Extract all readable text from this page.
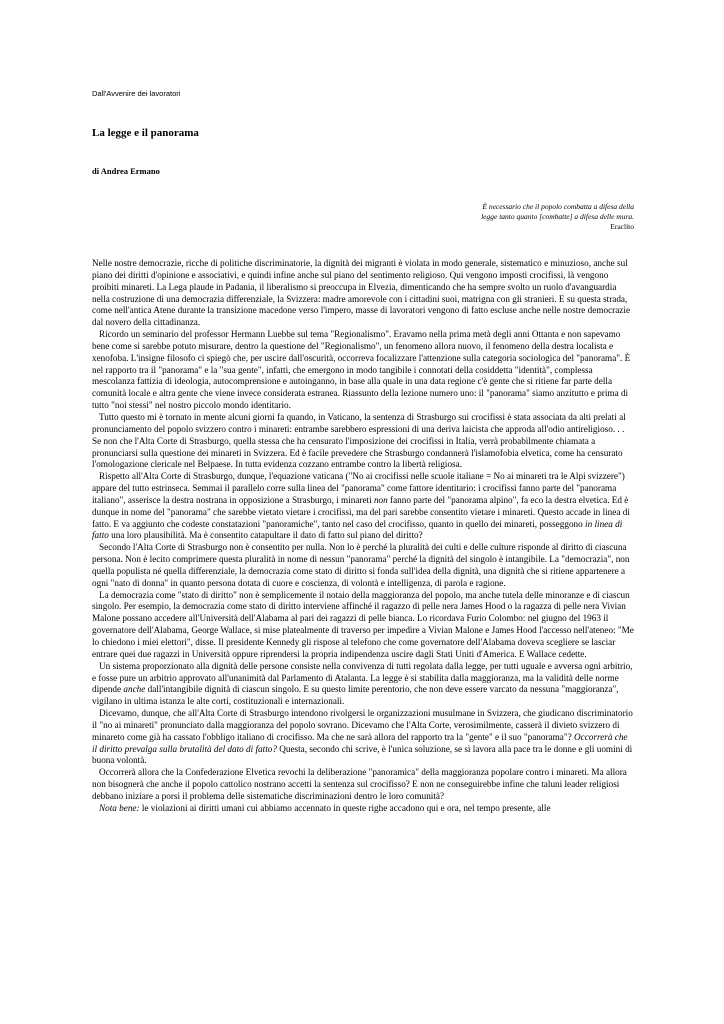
Dall'Avvenire dei lavoratori
La legge e il panorama
di Andrea Ermano
È necessario che il popolo combatta a difesa della
legge tanto quanto [combatte] a difesa delle mura.
Eraclito

Nelle nostre democrazie, ricche di politiche discriminatorie, la dignità dei migranti è violata in modo generale, sistematico e minuzioso, anche sul piano dei diritti d'opinione e associativi, e quindi infine anche sul piano del sentimento religioso. Qui vengono imposti crocifissi, là vengono proibiti minareti. La Lega plaude in Padania, il liberalismo si preoccupa in Elvezia, dimenticando che ha sempre svolto un ruolo d'avanguardia nella costruzione di una democrazia differenziale, la Svizzera: madre amorevole con i cittadini suoi, matrigna con gli stranieri. E su questa strada, come nell'antica Atene durante la transizione macedone verso l'impero, masse di lavoratori vengono di fatto escluse anche nelle nostre democrazie dal novero della cittadinanza.

Ricordo un seminario del professor Hermann Luebbe sul tema "Regionalismo". Eravamo nella prima metà degli anni Ottanta e non sapevamo bene come si sarebbe potuto misurare, dentro la questione del "Regionalismo", un fenomeno allora nuovo, il fenomeno della destra localista e xenofoba. L'insigne filosofo ci spiegò che, per uscire dall'oscurità, occorreva focalizzare l'attenzione sulla categoria sociologica del "panorama". È nel rapporto tra il "panorama" e la "sua gente", infatti, che emergono in modo tangibile i connotati della cosiddetta "identità", complessa mescolanza fattizia di ideologia, autocomprensione e autoinganno, in base alla quale in una data regione c'è gente che si ritiene far parte della comunità locale e altra gente che viene invece considerata estranea. Riassunto della lezione numero uno: il "panorama" siamo anzitutto e prima di tutto "noi stessi" nel nostro piccolo mondo identitario.

Tutto questo mi è tornato in mente alcuni giorni fa quando, in Vaticano, la sentenza di Strasburgo sui crocifissi è stata associata da alti prelati al pronunciamento del popolo svizzero contro i minareti: entrambe sarebbero espressioni di una deriva laicista che approda all'odio antireligioso. . . Se non che l'Alta Corte di Strasburgo, quella stessa che ha censurato l'imposizione dei crocifissi in Italia, verrà probabilmente chiamata a pronunciarsi sulla questione dei minareti in Svizzera. Ed è facile prevedere che Strasburgo condannerà l'islamofobia elvetica, come ha censurato l'omologazione clericale nel Belpaese. In tutta evidenza cozzano entrambe contro la libertà religiosa.

Rispetto all'Alta Corte di Strasburgo, dunque, l'equazione vaticana ("No ai crocifissi nelle scuole italiane = No ai minareti tra le Alpi svizzere") appare del tutto estrinseca. Semmai il parallelo corre sulla linea del "panorama" come fattore identitario: i crocifissi fanno parte del "panorama italiano", asserisce la destra nostrana in opposizione a Strasburgo, i minareti non fanno parte del "panorama alpino", fa eco la destra elvetica. Ed è dunque in nome del "panorama" che sarebbe vietato vietare i crocifissi, ma del pari sarebbe consentito vietare i minareti. Questo accade in linea di fatto. E va aggiunto che codeste constatazioni "panoramiche", tanto nel caso del crocifisso, quanto in quello dei minareti, posseggono in linea di fatto una loro plausibilità. Ma è consentito catapultare il dato di fatto sul piano del diritto?

Secondo l'Alta Corte di Strasburgo non è consentito per nulla. Non lo è perché la pluralità dei culti e delle culture risponde al diritto di ciascuna persona. Non è lecito comprimere questa pluralità in nome di nessun "panorama" perché la dignità del singolo è intangibile. La "democrazia", non quella populista né quella differenziale, la democrazia come stato di diritto si fonda sull'idea della dignità, una dignità che si ritiene appartenere a ogni "nato di donna" in quanto persona dotata di cuore e coscienza, di volontà e intelligenza, di parola e ragione.

La democrazia come "stato di diritto" non è semplicemente il notaio della maggioranza del popolo, ma anche tutela delle minoranze e di ciascun singolo. Per esempio, la democrazia come stato di diritto interviene affinché il ragazzo di pelle nera James Hood o la ragazza di pelle nera Vivian Malone possano accedere all'Università dell'Alabama al pari dei ragazzi di pelle bianca. Lo ricordava Furio Colombo: nel giugno del 1963 il governatore dell'Alabama, George Wallace, si mise platealmente di traverso per impedire a Vivian Malone e James Hood l'accesso nell'ateneo: "Me lo chiedono i miei elettori", disse. Il presidente Kennedy gli rispose al telefono che come governatore dell'Alabama doveva scegliere se lasciar entrare quei due ragazzi in Università oppure riprendersi la propria indipendenza uscire dagli Stati Uniti d'America. E Wallace cedette.

Un sistema proporzionato alla dignità delle persone consiste nella convivenza di tutti regolata dalla legge, per tutti uguale e avversa ogni arbitrio, e fosse pure un arbitrio approvato all'unanimità dal Parlamento di Atalanta. La legge è si stabilita dalla maggioranza, ma la validità delle norme dipende anche dall'intangibile dignità di ciascun singolo. E su questo limite perentorio, che non deve essere varcato da nessuna "maggioranza", vigilano in ultima istanza le alte corti, costituzionali e internazionali.

Dicevamo, dunque, che all'Alta Corte di Strasburgo intendono rivolgersi le organizzazioni musulmane in Svizzera, che giudicano discriminatorio il "no ai minareti" pronunciato dalla maggioranza del popolo sovrano. Dicevamo che l'Alta Corte, verosimilmente, casserà il divieto svizzero di minareto come già ha cassato l'obbligo italiano di crocifisso. Ma che ne sarà allora del rapporto tra la "gente" e il suo "panorama"? Occorrerà che il diritto prevalga sulla brutalità del dato di fatto? Questa, secondo chi scrive, è l'unica soluzione, se si lavora alla pace tra le donne e gli uomini di buona volontà.

Occorrerà allora che la Confederazione Elvetica revochi la deliberazione "panoramica" della maggioranza popolare contro i minareti. Ma allora non bisognerà che anche il popolo cattolico nostrano accetti la sentenza sul crocifisso? E non ne conseguirebbe infine che taluni leader religiosi debbano iniziare a porsi il problema delle sistematiche discriminazioni dentro le loro comunità?

Nota bene: le violazioni ai diritti umani cui abbiamo accennato in queste righe accadono qui e ora, nel tempo presente, alle
